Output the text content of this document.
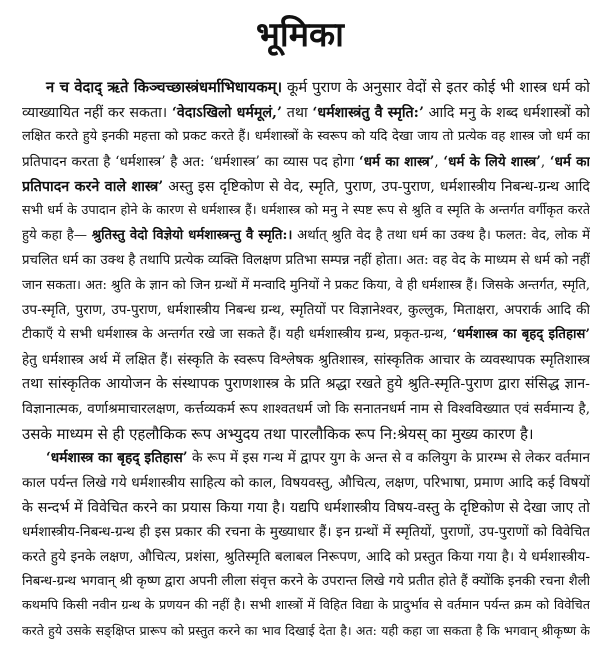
भूमिका
न च वेदाद् ऋते किञ्चच्छास्त्रंधर्माभिधायकम्। कूर्म पुराण के अनुसार वेदों से इतर कोई भी शास्त्र धर्म को
व्याख्यायित नहीं कर सकता। ‘वेदाऽखिलो धर्ममूलं,’ तथा ‘धर्मशास्त्रंतु वै स्मृति:’ आदि मनु के शब्द धर्मशास्त्रों को
लक्षित करते हुये इनकी महत्ता को प्रकट करते हैं। धर्मशास्त्रों के स्वरूप को यदि देखा जाय तो प्रत्येक वह शास्त्र जो धर्म का
प्रतिपादन करता है ‘धर्मशास्त्र’ है अत: ‘धर्मशास्त्र’ का व्यास पद होगा ‘धर्म का शास्त्र’, ‘धर्म के लिये शास्त्र’, ‘धर्म का
प्रतिपादन करने वाले शास्त्र’ अस्तु इस दृष्टिकोण से वेद, स्मृति, पुराण, उप-पुराण, धर्मशास्त्रीय निबन्ध-ग्रन्थ आदि
सभी धर्म के उपादान होने के कारण से धर्मशास्त्र हैं। धर्मशास्त्र को मनु ने स्पष्ट रूप से श्रुति व स्मृति के अन्तर्गत वर्गीकृत करते
हुये कहा है— श्रुतिस्तु वेदो विज्ञेयो धर्मशास्त्रन्तु वै स्मृति:। अर्थात् श्रुति वेद है तथा धर्म का उक्थ है। फलत: वेद, लोक में
प्रचलित धर्म का उक्थ है तथापि प्रत्येक व्यक्ति विलक्षण प्रतिभा सम्पन्न नहीं होता। अत: वह वेद के माध्यम से धर्म को नहीं
जान सकता। अत: श्रुति के ज्ञान को जिन ग्रन्थों में मन्वादि मुनियों ने प्रकट किया, वे ही धर्मशास्त्र हैं। जिसके अन्तर्गत, स्मृति,
उप-स्मृति, पुराण, उप-पुराण, धर्मशास्त्रीय निबन्ध ग्रन्थ, स्मृतियों पर विज्ञानेश्वर, कुल्लुक, मिताक्षरा, अपरार्क आदि की
टीकाएँ ये सभी धर्मशास्त्र के अन्तर्गत रखे जा सकते हैं। यही धर्मशास्त्रीय ग्रन्थ, प्रकृत-ग्रन्थ, ‘धर्मशास्त्र का बृहद् इतिहास’
हेतु धर्मशास्त्र अर्थ में लक्षित हैं। संस्कृति के स्वरूप विश्लेषक श्रुतिशास्त्र, सांस्कृतिक आचार के व्यवस्थापक स्मृतिशास्त्र
तथा सांस्कृतिक आयोजन के संस्थापक पुराणशास्त्र के प्रति श्रद्धा रखते हुये श्रुति-स्मृति-पुराण द्वारा संसिद्ध ज्ञान-
विज्ञानात्मक, वर्णाश्रमाचारलक्षण, कर्त्तव्यकर्म रूप शाश्वतधर्म जो कि सनातनधर्म नाम से विश्वविख्यात एवं सर्वमान्य है,
उसके माध्यम से ही एहलौकिक रूप अभ्युदय तथा पारलौकिक रूप नि:श्रेयस् का मुख्य कारण है।
‘धर्मशास्त्र का बृहद् इतिहास’ के रूप में इस गन्थ में द्वापर युग के अन्त से व कलियुग के प्रारम्भ से लेकर वर्तमान
काल पर्यन्त लिखे गये धर्मशास्त्रीय साहित्य को काल, विषयवस्तु, औचित्य, लक्षण, परिभाषा, प्रमाण आदि कई विषयों
के सन्दर्भ में विवेचित करने का प्रयास किया गया है। यद्यपि धर्मशास्त्रीय विषय-वस्तु के दृष्टिकोण से देखा जाए तो
धर्मशास्त्रीय-निबन्ध-ग्रन्थ ही इस प्रकार की रचना के मुख्याधार हैं। इन ग्रन्थों में स्मृतियों, पुराणों, उप-पुराणों को विवेचित
करते हुये इनके लक्षण, औचित्य, प्रशंसा, श्रुतिस्मृति बलाबल निरूपण, आदि को प्रस्तुत किया गया है। ये धर्मशास्त्रीय-
निबन्ध-ग्रन्थ भगवान् श्री कृष्ण द्वारा अपनी लीला संवृत्त करने के उपरान्त लिखे गये प्रतीत होते हैं क्योंकि इनकी रचना शैली
कथमपि किसी नवीन ग्रन्थ के प्रणयन की नहीं है। सभी शास्त्रों में विहित विद्या के प्रादुर्भाव से वर्तमान पर्यन्त क्रम को विवेचित
करते हुये उसके सङ्क्षिप्त प्रारूप को प्रस्तुत करने का भाव दिखाई देता है। अत: यही कहा जा सकता है कि भगवान् श्रीकृष्ण के
